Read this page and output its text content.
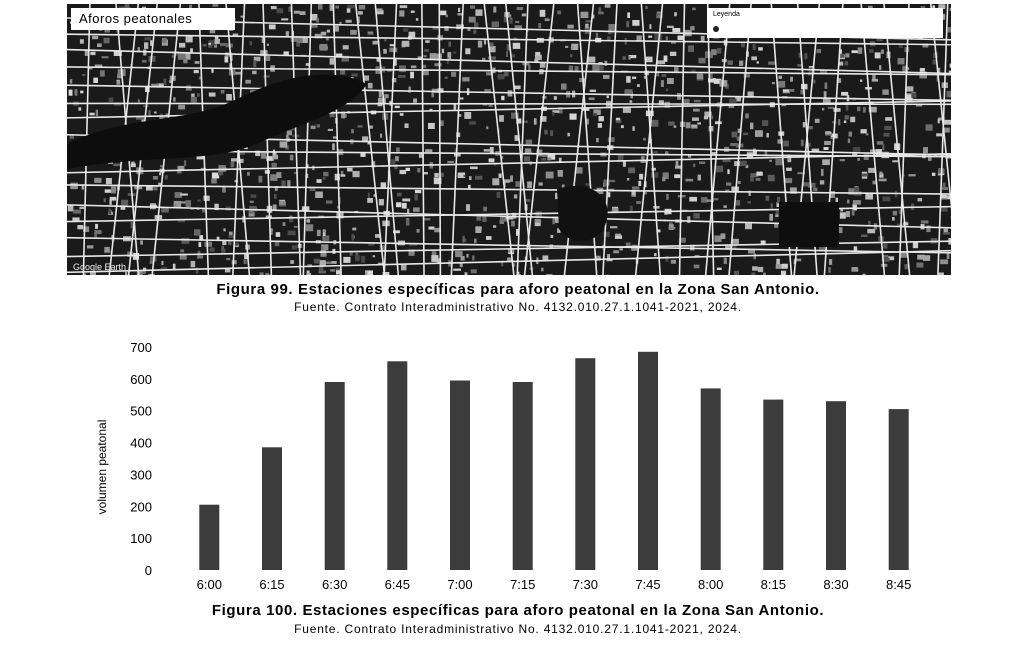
Aforos peatonales	Leyenda
Google Earth
Figura 99. Estaciones específicas para aforo peatonal en la Zona San Antonio.
Fuente. Contrato Interadministrativo No. 4132.010.27.1.1041-2021, 2024.
volumen peatonal
0
100
200
300
400
500
600
700
6:00	6:15	6:30	6:45	7:00	7:15	7:30	7:45	8:00	8:15	8:30	8:45
Figura 100. Estaciones específicas para aforo peatonal en la Zona San Antonio.
Fuente. Contrato Interadministrativo No. 4132.010.27.1.1041-2021, 2024.
